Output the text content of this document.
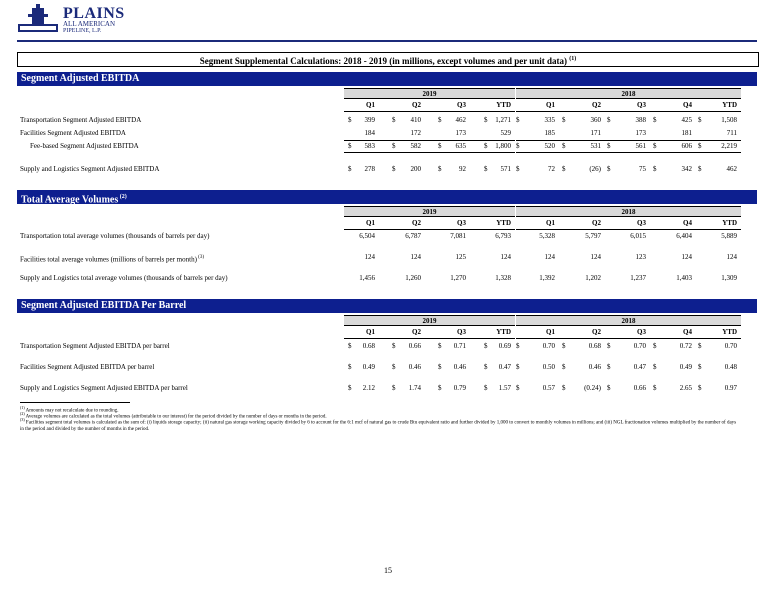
PLAINS
ALL AMERICAN
PIPELINE, L.P.
Segment Supplemental Calculations: 2018 - 2019 (in millions, except volumes and per unit data) $^{(1)}$
Segment Adjusted EBITDA
2019	2018
Q1	Q2	Q3	YTD	Q1	Q2	Q3	Q4	YTD
Transportation Segment Adjusted EBITDA	$	399 $	410 $	462	$	1,271 $	335 $	360 $	388 $	425 $	1,508
Facilities Segment Adjusted EBITDA	184	172	173	529	185	171	173	181	711
Fee-based Segment Adjusted EBITDA	$	583 $	582 $	635	$	1,800 $	520 $	531 $	561 $	606 $	2,219
Supply and Logistics Segment Adjusted EBITDA	$	278 $	200 $	92	$	571 $	72 $	(26) $	75 $	342 $	462
Total Average Volumes $^{(2)}$
2019	2018
Q1	Q2	Q3	YTD	Q1	Q2	Q3	Q4	YTD
Transportation total average volumes (thousands of barrels per day)	6,504	6,787	7,081	6,793	5,328	5,797	6,015	6,404	5,889
Facilities total average volumes (millions of barrels per month) $^{(3)}$	124	124	125	124	124	124	123	124	124
Supply and Logistics total average volumes (thousands of barrels per day)	1,456	1,260	1,270	1,328	1,392	1,202	1,237	1,403	1,309
Segment Adjusted EBITDA Per Barrel
2019	2018
Q1	Q2	Q3	YTD	Q1	Q2	Q3	Q4	YTD
Transportation Segment Adjusted EBITDA per barrel	$	0.68 $	0.66 $	0.71	$	0.69 $	0.70 $	0.68 $	0.70 $	0.72 $	0.70
Facilities Segment Adjusted EBITDA per barrel	$	0.49 $	0.46 $	0.46	$	0.47 $	0.50 $	0.46 $	0.47 $	0.49 $	0.48
Supply and Logistics Segment Adjusted EBITDA per barrel	$	2.12 $	1.74 $	0.79	$	1.57 $	0.57 $	(0.24) $	0.66 $	2.65 $	0.97
$^{(1)}$ Amounts may not recalculate due to rounding.
$^{(2)}$ Average volumes are calculated as the total volumes (attributable to our interest) for the period divided by the number of days or months in the period.
$^{(3)}$ Facilities segment total volumes is calculated as the sum of: (i) liquids storage capacity; (ii) natural gas storage working capacity divided by 6 to account for the 6:1 mcf of natural gas to crude Btu equivalent ratio and further divided by 1,000 to convert to monthly volumes in millions; and (iii) NGL fractionation volumes multiplied by the number of days in the period and divided by the number of months in the period.
15
